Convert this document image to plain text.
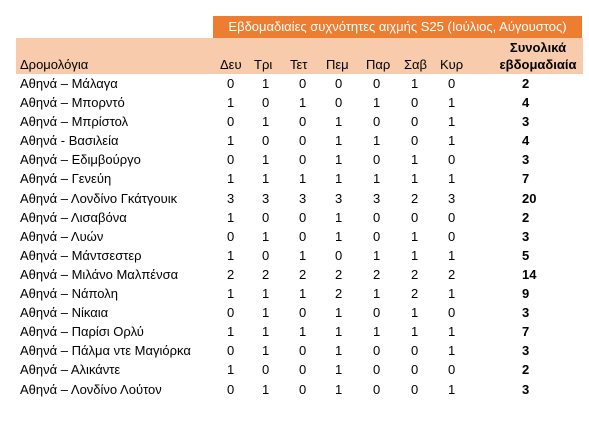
Εβδομαδιαίες συχνότητες αιχμής S25 (Ιούλιος, Αύγουστος)
Δρομολόγια	Δευ Τρι Τετ Πεμ Παρ Σαβ Κυρ
Συνολικά
εβδομαδιαία
Αθηνά – Μάλαγα	0 1 0 0 0 1 0	2
Αθηνά – Μπορντό	1 0 1 0 1 0 1	4
Αθηνά – Μπρίστολ	0 1 0 1 0 0 1	3
Αθηνά - Βασιλεία	1 0 0 1 1 0 1	4
Αθηνά – Εδιμβούργο	0 1 0 1 0 1 0	3
Αθηνά – Γενεύη	1 1 1 1 1 1 1	7
Αθηνά – Λονδίνο Γκάτγουικ	3 3 3 3 3 2 3	20
Αθηνά – Λισαβόνα	1 0 0 1 0 0 0	2
Αθηνά – Λυών	0 1 0 1 0 1 0	3
Αθηνά – Μάντσεστερ	1 0 1 0 1 1 1	5
Αθηνά – Μιλάνο Μαλπένσα	2 2 2 2 2 2 2	14
Αθηνά – Νάπολη	1 1 1 2 1 2 1	9
Αθηνά – Νίκαια	0 1 0 1 0 1 0	3
Αθηνά – Παρίσι Ορλύ	1 1 1 1 1 1 1	7
Αθηνά – Πάλμα ντε Μαγιόρκα	0 1 0 1 0 0 1	3
Αθηνά – Αλικάντε	1 0 0 1 0 0 0	2
Αθηνά – Λονδίνο Λούτον	0 1 0 1 0 0 1	3
